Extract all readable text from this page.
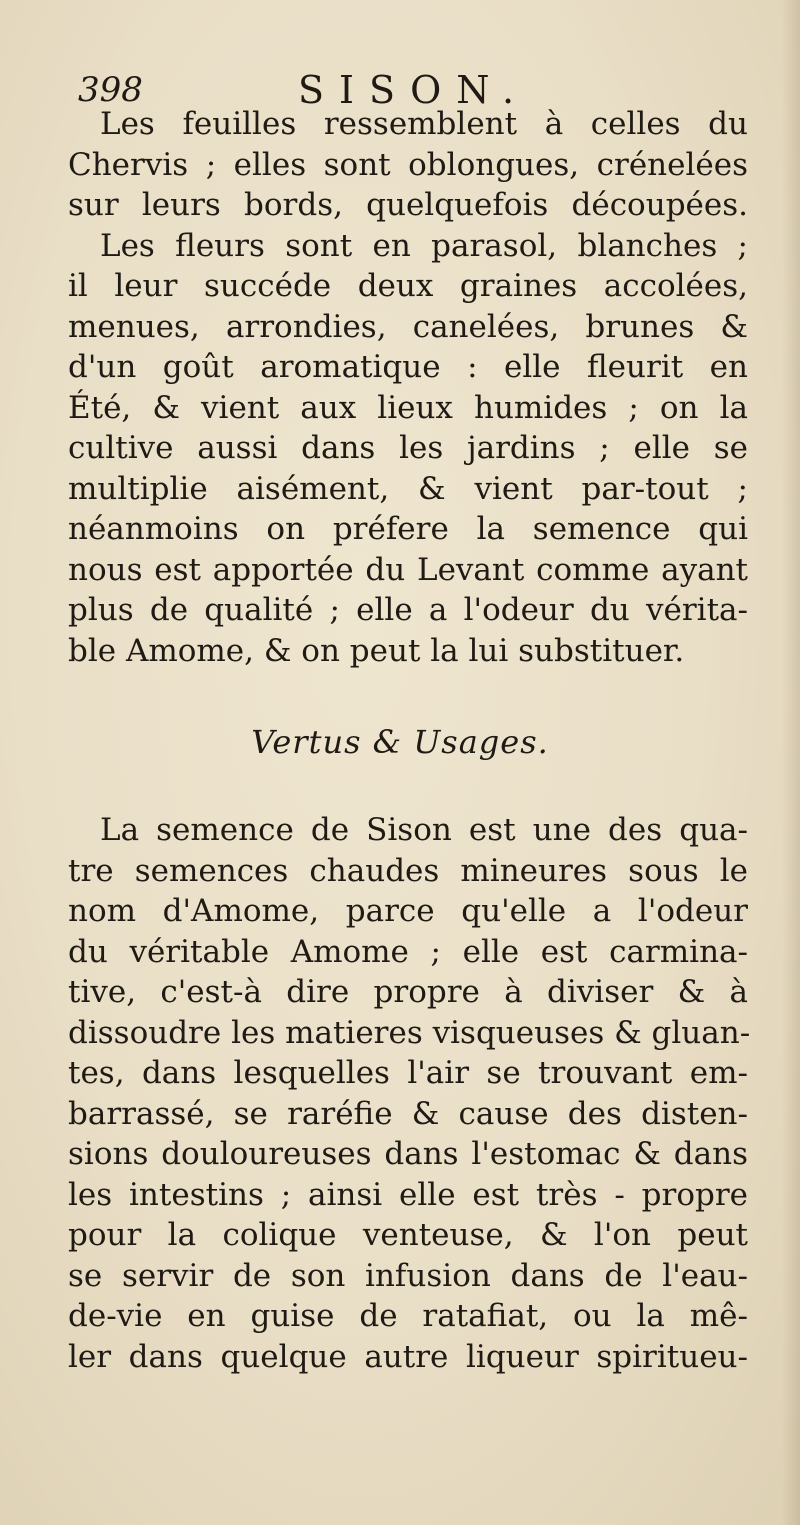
398	SISON.

Les feuilles ressemblent à celles du
Chervis ; elles sont oblongues, crénelées
sur leurs bords, quelquefois découpées.
Les fleurs sont en parasol, blanches ;
il leur succéde deux graines accolées,
menues, arrondies, canelées, brunes &
d'un goût aromatique : elle fleurit en
Été, & vient aux lieux humides ; on la
cultive aussi dans les jardins ; elle se
multiplie aisément, & vient par-tout ;
néanmoins on préfere la semence qui
nous est apportée du Levant comme ayant
plus de qualité ; elle a l'odeur du vérita-
ble Amome, & on peut la lui substituer.

Vertus & Usages.

La semence de Sison est une des qua-
tre semences chaudes mineures sous le
nom d'Amome, parce qu'elle a l'odeur
du véritable Amome ; elle est carmina-
tive, c'est-à dire propre à diviser & à
dissoudre les matieres visqueuses & gluan-
tes, dans lesquelles l'air se trouvant em-
barrassé, se raréfie & cause des disten-
sions douloureuses dans l'estomac & dans
les intestins ; ainsi elle est très - propre
pour la colique venteuse, & l'on peut
se servir de son infusion dans de l'eau-
de-vie en guise de ratafiat, ou la mê-
ler dans quelque autre liqueur spiritueu-
